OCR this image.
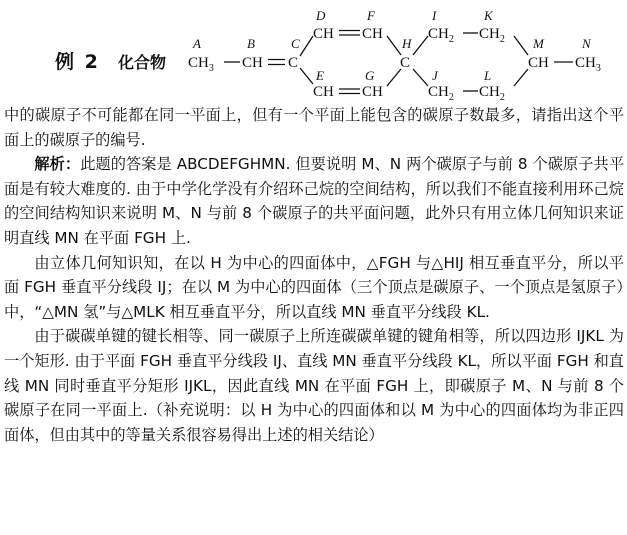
例 2 化合物
A	B	C
D
E
F
G
H
I
J
K
L
M	N
$CH_3$ CH C
CH CH
CH CH
C
$CH_2$ $CH_2$
$CH_2$ $CH_2$
CH $CH_3$

中的碳原子不可能都在同一平面上，但有一个平面上能包含的碳原子数最多，请指出这个平面上的碳原子的编号.

解析：此题的答案是 ABCDEFGHMN. 但要说明 M、N 两个碳原子与前 8 个碳原子共平面是有较大难度的. 由于中学化学没有介绍环己烷的空间结构，所以我们不能直接利用环己烷的空间结构知识来说明 M、N 与前 8 个碳原子的共平面问题，此外只有用立体几何知识来证明直线 MN 在平面 FGH 上.

由立体几何知识知，在以 H 为中心的四面体中，△FGH 与△HIJ 相互垂直平分，所以平面 FGH 垂直平分线段 IJ；在以 M 为中心的四面体（三个顶点是碳原子、一个顶点是氢原子）中，“△MN 氢”与△MLK 相互垂直平分，所以直线 MN 垂直平分线段 KL.

由于碳碳单键的键长相等、同一碳原子上所连碳碳单键的键角相等，所以四边形 IJKL 为一个矩形. 由于平面 FGH 垂直平分线段 IJ、直线 MN 垂直平分线段 KL，所以平面 FGH 和直线 MN 同时垂直平分矩形 IJKL，因此直线 MN 在平面 FGH 上，即碳原子 M、N 与前 8 个碳原子在同一平面上.（补充说明：以 H 为中心的四面体和以 M 为中心的四面体均为非正四面体，但由其中的等量关系很容易得出上述的相关结论）
